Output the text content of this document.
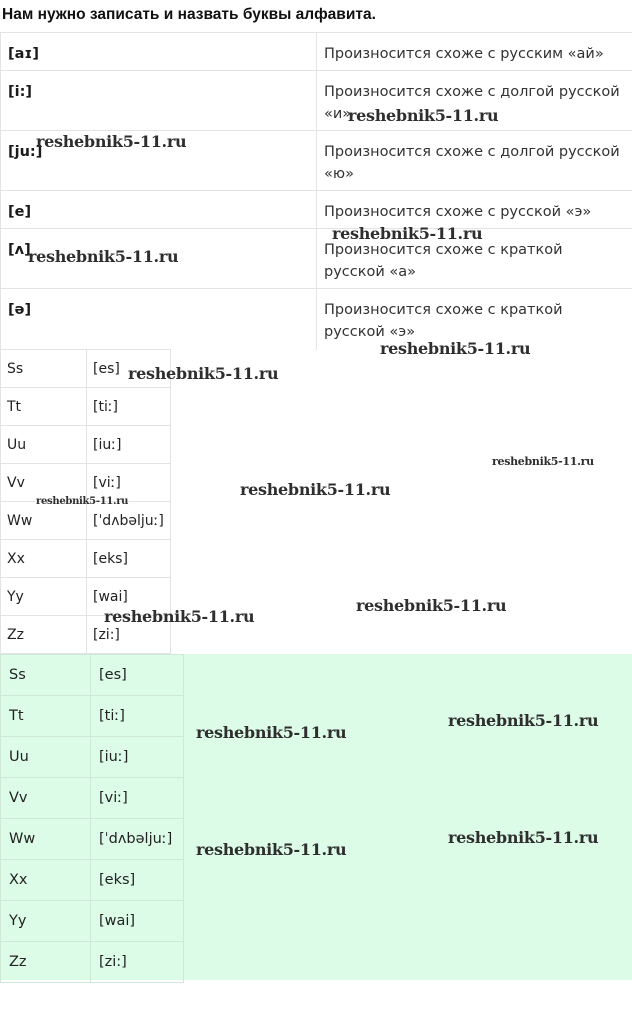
Нам нужно записать и назвать буквы алфавита.

[aɪ]	Произносится схоже с русским «ай»
[i:]	Произносится схоже с долгой русской «и»
[ju:]	Произносится схоже с долгой русской «ю»
[e]	Произносится схоже с русской «э»
[ʌ]	Произносится схоже с краткой русской «а»
[ə]	Произносится схоже с краткой русской «э»
Ss	[es]
Tt	[tiː]
Uu	[iuː]
Vv	[viː]
Ww	[ˈdʌbəljuː]
Xx	[eks]
Yy	[wai]
Zz	[zi:]
Ss	[es]
Tt	[tiː]
Uu	[iuː]
Vv	[viː]
Ww	[ˈdʌbəljuː]
Xx	[eks]
Yy	[wai]
Zz	[zi:]
reshebnik5-11.ru
reshebnik5-11.ru
reshebnik5-11.ru
reshebnik5-11.ru
reshebnik5-11.ru
reshebnik5-11.ru
reshebnik5-11.ru
reshebnik5-11.ru
reshebnik5-11.ru
reshebnik5-11.ru
reshebnik5-11.ru
reshebnik5-11.ru
reshebnik5-11.ru
reshebnik5-11.ru
reshebnik5-11.ru
